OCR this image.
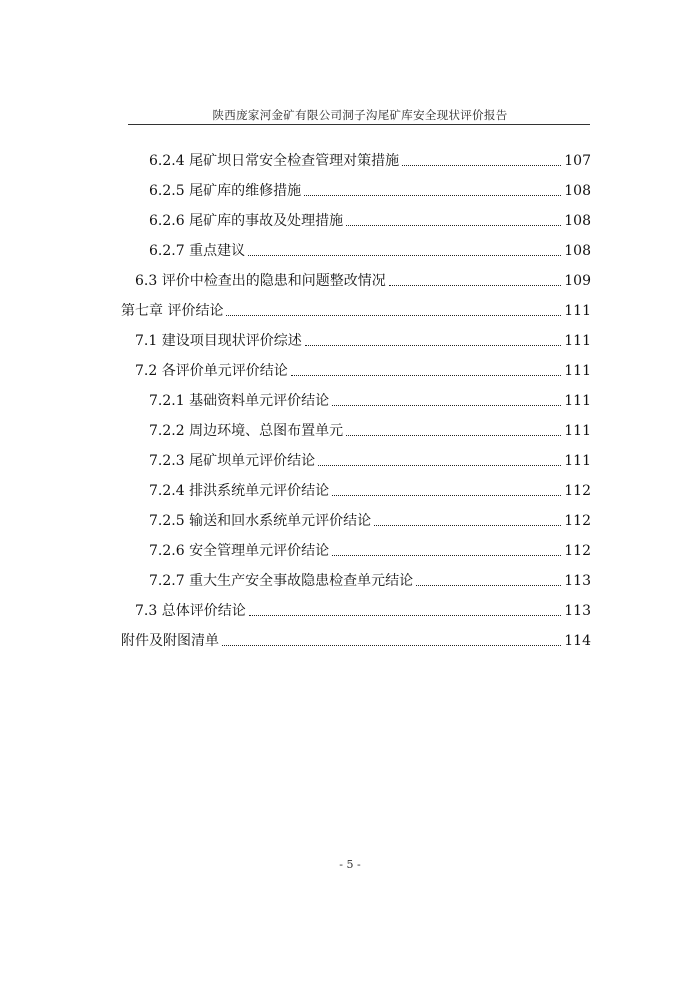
陕西庞家河金矿有限公司洞子沟尾矿库安全现状评价报告
6.2.4 尾矿坝日常安全检查管理对策措施	107
6.2.5 尾矿库的维修措施	108
6.2.6 尾矿库的事故及处理措施	108
6.2.7 重点建议	108
6.3 评价中检查出的隐患和问题整改情况	109
第七章 评价结论	111
7.1 建设项目现状评价综述	111
7.2 各评价单元评价结论	111
7.2.1 基础资料单元评价结论	111
7.2.2 周边环境、总图布置单元	111
7.2.3 尾矿坝单元评价结论	111
7.2.4 排洪系统单元评价结论	112
7.2.5 输送和回水系统单元评价结论	112
7.2.6 安全管理单元评价结论	112
7.2.7 重大生产安全事故隐患检查单元结论	113
7.3 总体评价结论	113
附件及附图清单	114
- 5 -
